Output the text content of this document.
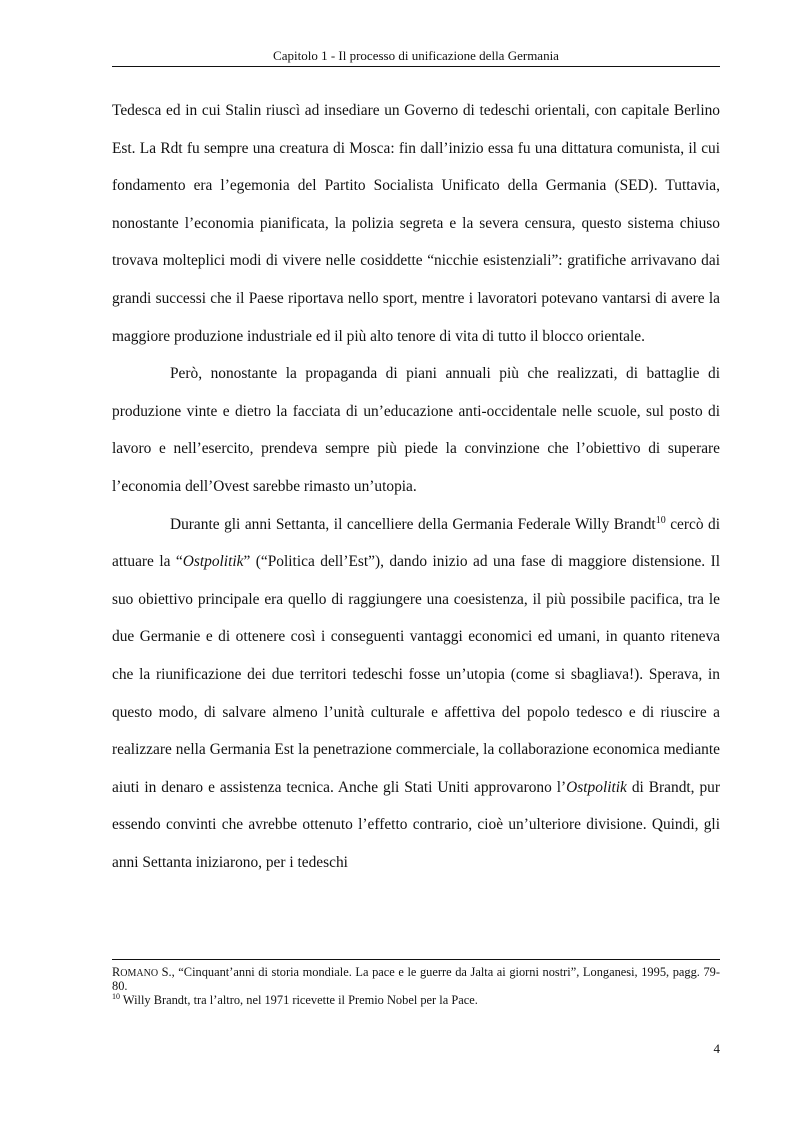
Capitolo 1 - Il processo di unificazione della Germania

Tedesca ed in cui Stalin riuscì ad insediare un Governo di tedeschi orientali, con capitale Berlino Est. La Rdt fu sempre una creatura di Mosca: fin dall’inizio essa fu una dittatura comunista, il cui fondamento era l’egemonia del Partito Socialista Unificato della Germania (SED). Tuttavia, nonostante l’economia pianificata, la polizia segreta e la severa censura, questo sistema chiuso trovava molteplici modi di vivere nelle cosiddette “nicchie esistenziali”: gratifiche arrivavano dai grandi successi che il Paese riportava nello sport, mentre i lavoratori potevano vantarsi di avere la maggiore produzione industriale ed il più alto tenore di vita di tutto il blocco orientale.

Però, nonostante la propaganda di piani annuali più che realizzati, di battaglie di produzione vinte e dietro la facciata di un’educazione anti-occidentale nelle scuole, sul posto di lavoro e nell’esercito, prendeva sempre più piede la convinzione che l’obiettivo di superare l’economia dell’Ovest sarebbe rimasto un’utopia.

Durante gli anni Settanta, il cancelliere della Germania Federale Willy Brandt$^{10}$ cercò di attuare la “Ostpolitik” (“Politica dell’Est”), dando inizio ad una fase di maggiore distensione. Il suo obiettivo principale era quello di raggiungere una coesistenza, il più possibile pacifica, tra le due Germanie e di ottenere così i conseguenti vantaggi economici ed umani, in quanto riteneva che la riunificazione dei due territori tedeschi fosse un’utopia (come si sbagliava!). Sperava, in questo modo, di salvare almeno l’unità culturale e affettiva del popolo tedesco e di riuscire a realizzare nella Germania Est la penetrazione commerciale, la collaborazione economica mediante aiuti in denaro e assistenza tecnica. Anche gli Stati Uniti approvarono l’Ostpolitik di Brandt, pur essendo convinti che avrebbe ottenuto l’effetto contrario, cioè un’ulteriore divisione. Quindi, gli anni Settanta iniziarono, per i tedeschi

ROMANO S., “Cinquant’anni di storia mondiale. La pace e le guerre da Jalta ai giorni nostri”, Longanesi, 1995, pagg. 79-80.

$^{10}$ Willy Brandt, tra l’altro, nel 1971 ricevette il Premio Nobel per la Pace.

4
